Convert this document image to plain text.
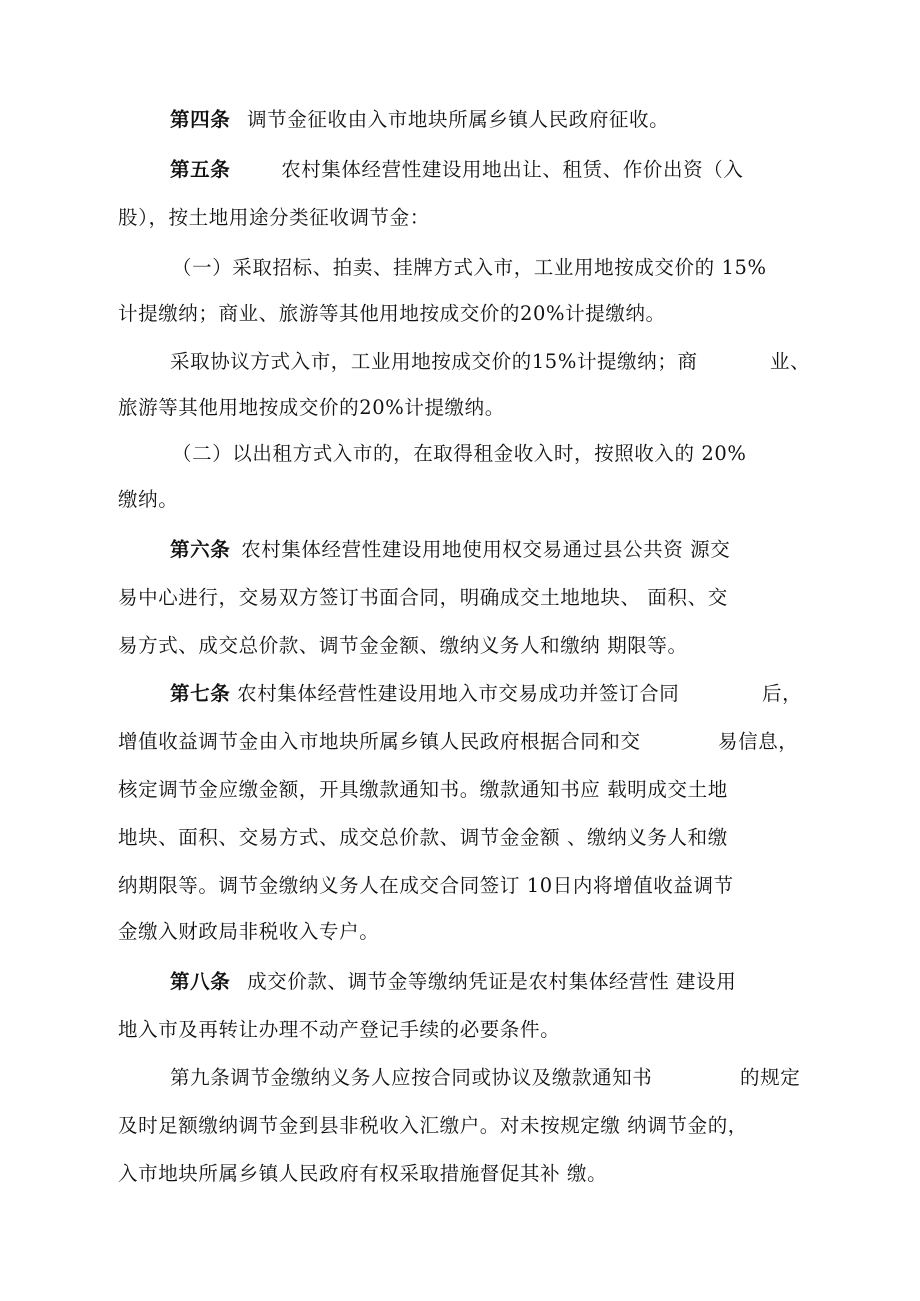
第四条 调节金征收由入市地块所属乡镇人民政府征收。
第五条	农村集体经营性建设用地出让、租赁、作价出资（入
股），按土地用途分类征收调节金：
（一）采取招标、拍卖、挂牌方式入市，工业用地按成交价的 15%
计提缴纳；商业、旅游等其他用地按成交价的20%计提缴纳。
采取协议方式入市，工业用地按成交价的15%计提缴纳；商	业、
旅游等其他用地按成交价的20%计提缴纳。
（二）以出租方式入市的，在取得租金收入时，按照收入的 20%
缴纳。
第六条 农村集体经营性建设用地使用权交易通过县公共资 源交
易中心进行，交易双方签订书面合同，明确成交土地地块、 面积、交
易方式、成交总价款、调节金金额、缴纳义务人和缴纳 期限等。
第七条 农村集体经营性建设用地入市交易成功并签订合同	后，
增值收益调节金由入市地块所属乡镇人民政府根据合同和交	易信息，
核定调节金应缴金额，开具缴款通知书。缴款通知书应 载明成交土地
地块、面积、交易方式、成交总价款、调节金金额 、缴纳义务人和缴
纳期限等。调节金缴纳义务人在成交合同签订 10日内将增值收益调节
金缴入财政局非税收入专户。
第八条 成交价款、调节金等缴纳凭证是农村集体经营性 建设用
地入市及再转让办理不动产登记手续的必要条件。
第九条调节金缴纳义务人应按合同或协议及缴款通知书	的规定
及时足额缴纳调节金到县非税收入汇缴户。对未按规定缴 纳调节金的，
入市地块所属乡镇人民政府有权采取措施督促其补 缴。
